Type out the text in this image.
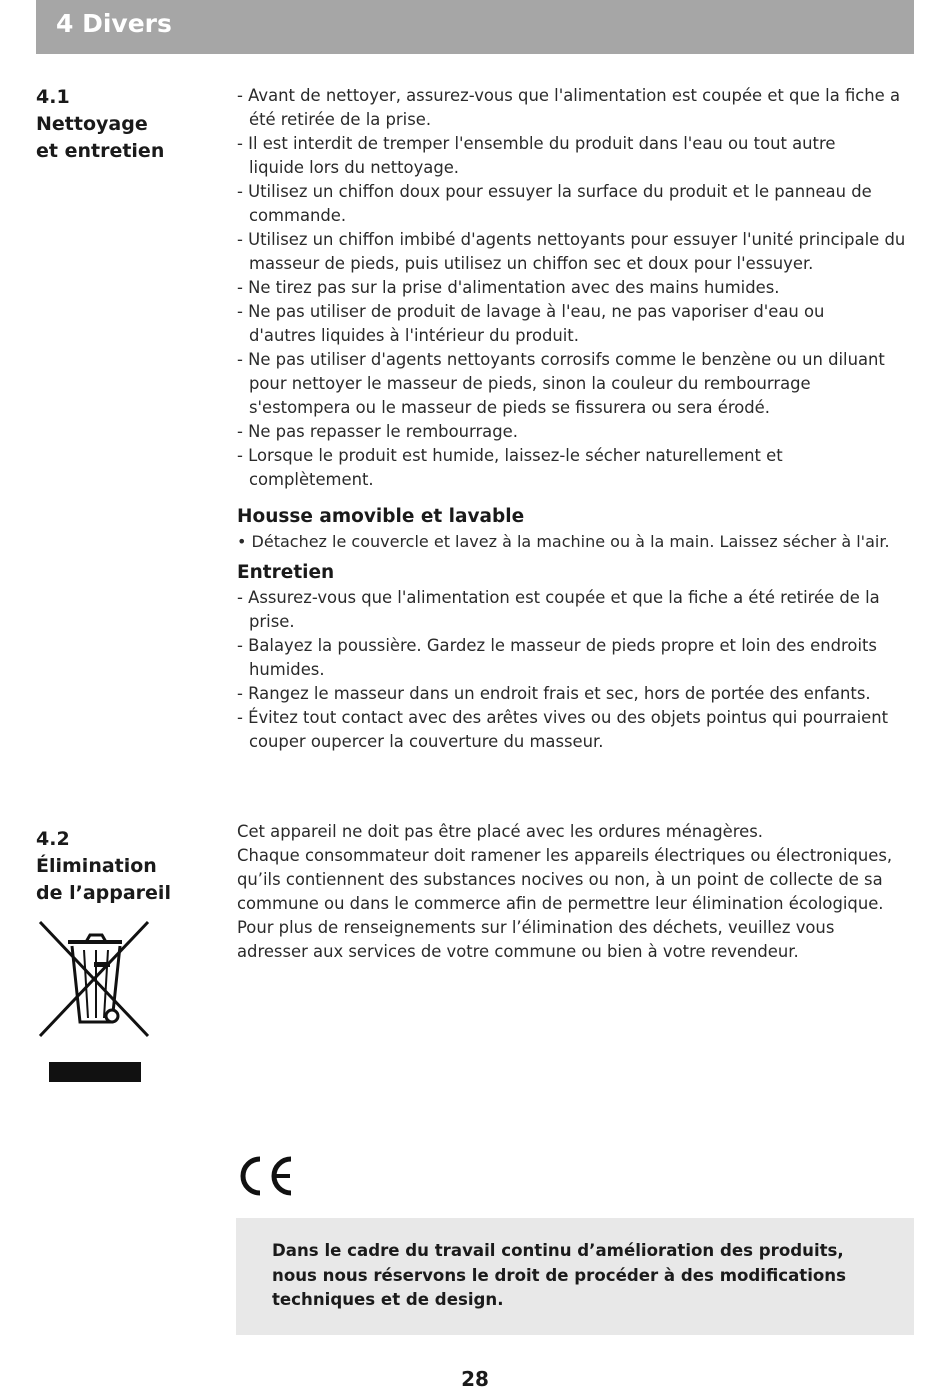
4 Divers
4.1
Nettoyage
et entretien
- Avant de nettoyer, assurez-vous que l'alimentation est coupée et que la fiche a été retirée de la prise.
- Il est interdit de tremper l'ensemble du produit dans l'eau ou tout autre liquide lors du nettoyage.
- Utilisez un chiffon doux pour essuyer la surface du produit et le panneau de commande.
- Utilisez un chiffon imbibé d'agents nettoyants pour essuyer l'unité principale du masseur de pieds, puis utilisez un chiffon sec et doux pour l'essuyer.
- Ne tirez pas sur la prise d'alimentation avec des mains humides.
- Ne pas utiliser de produit de lavage à l'eau, ne pas vaporiser d'eau ou d'autres liquides à l'intérieur du produit.
- Ne pas utiliser d'agents nettoyants corrosifs comme le benzène ou un diluant pour nettoyer le masseur de pieds, sinon la couleur du rembourrage s'estompera ou le masseur de pieds se fissurera ou sera érodé.
- Ne pas repasser le rembourrage.
- Lorsque le produit est humide, laissez-le sécher naturellement et complètement.
Housse amovible et lavable
• Détachez le couvercle et lavez à la machine ou à la main. Laissez sécher à l'air.
Entretien
- Assurez-vous que l'alimentation est coupée et que la fiche a été retirée de la prise.
- Balayez la poussière. Gardez le masseur de pieds propre et loin des endroits humides.
- Rangez le masseur dans un endroit frais et sec, hors de portée des enfants.
- Évitez tout contact avec des arêtes vives ou des objets pointus qui pourraient couper oupercer la couverture du masseur.
4.2
Élimination
de l’appareil
Cet appareil ne doit pas être placé avec les ordures ménagères.
Chaque consommateur doit ramener les appareils électriques ou électroniques,
qu’ils contiennent des substances nocives ou non, à un point de collecte de sa
commune ou dans le commerce afin de permettre leur élimination écologique.
Pour plus de renseignements sur l’élimination des déchets, veuillez vous
adresser aux services de votre commune ou bien à votre revendeur.
Dans le cadre du travail continu d’amélioration des produits,
nous nous réservons le droit de procéder à des modifications
techniques et de design.
28
